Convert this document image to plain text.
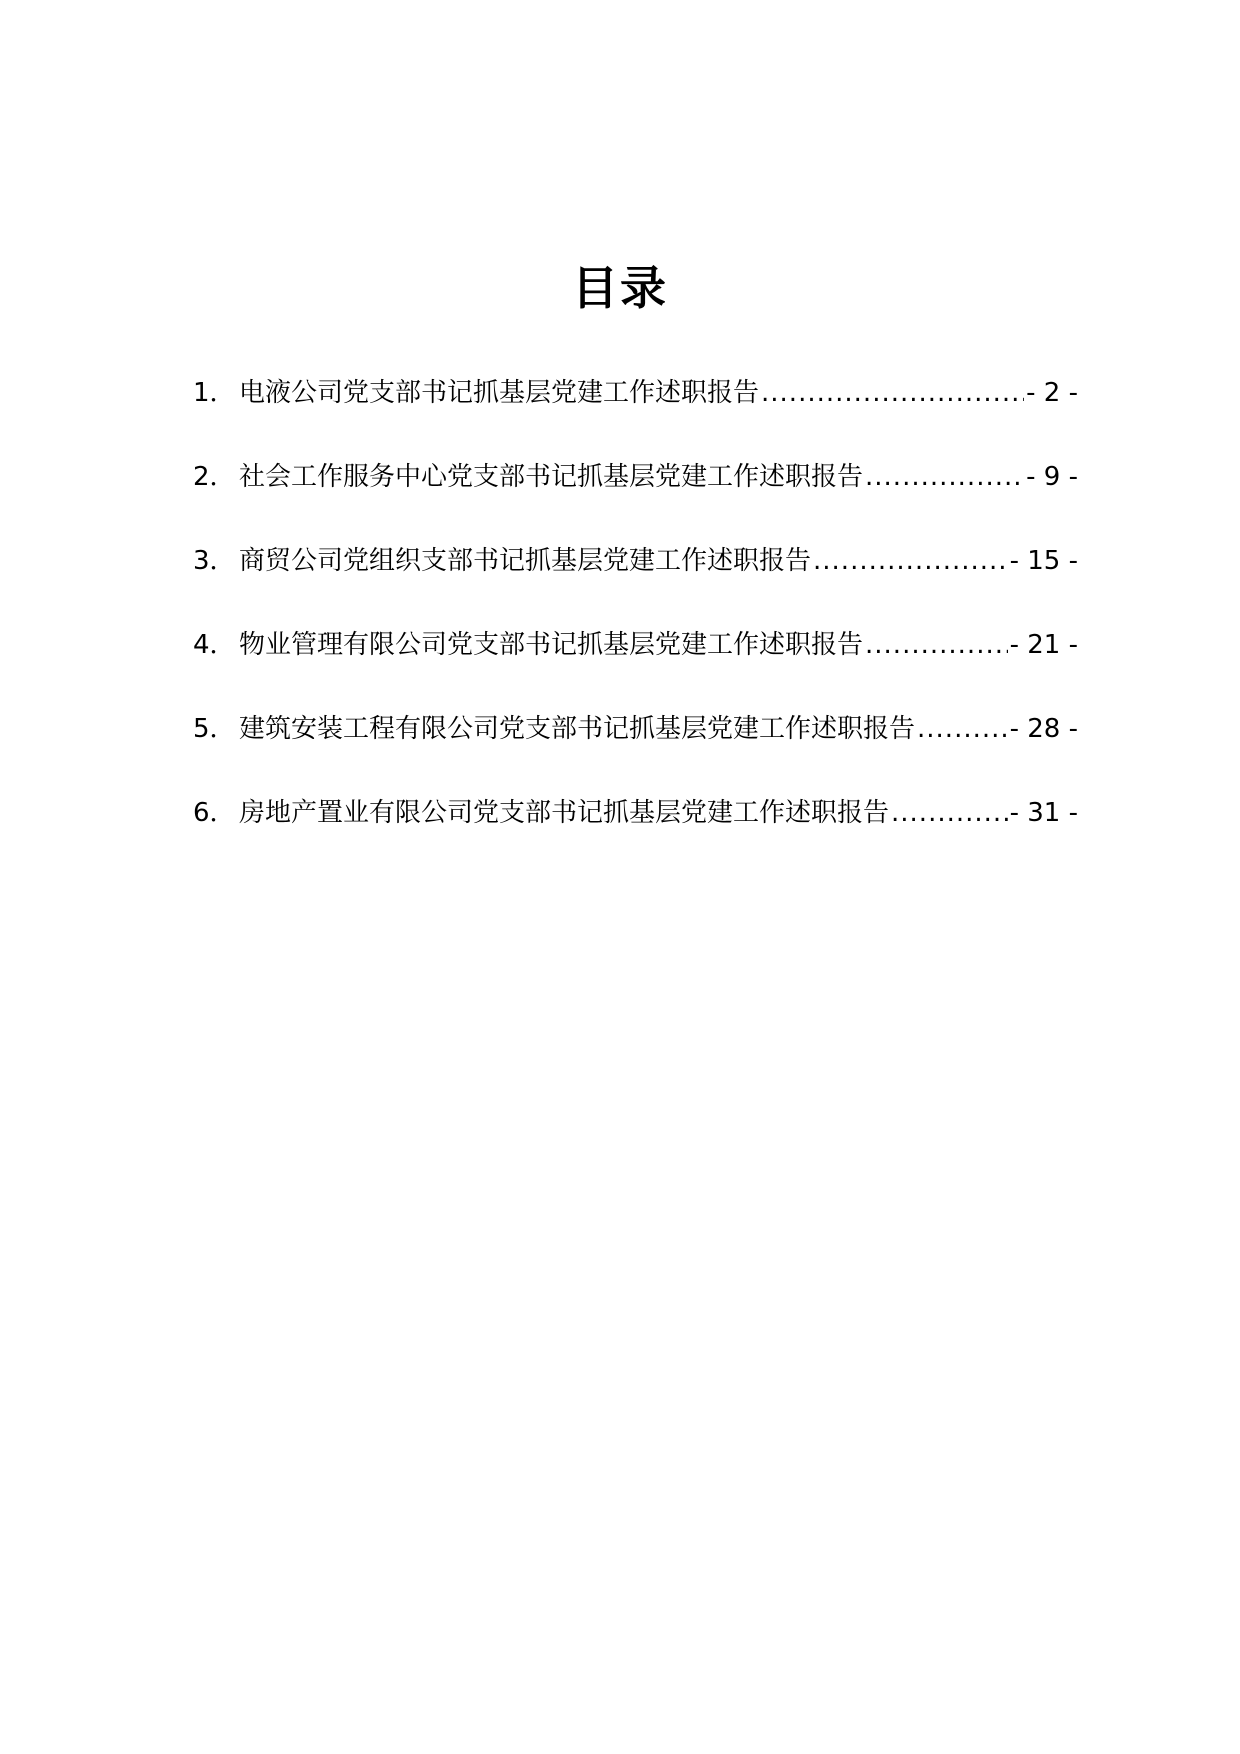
目录
1． 电液公司党支部书记抓基层党建工作述职报告 .....	- 2 -
2． 社会工作服务中心党支部书记抓基层党建工作述职报告 .....	- 9 -
3． 商贸公司党组织支部书记抓基层党建工作述职报告 .....	- 15 -
4． 物业管理有限公司党支部书记抓基层党建工作述职报告 .....	- 21 -
5． 建筑安装工程有限公司党支部书记抓基层党建工作述职报告 .....	- 28 -
6． 房地产置业有限公司党支部书记抓基层党建工作述职报告 .....	- 31 -
